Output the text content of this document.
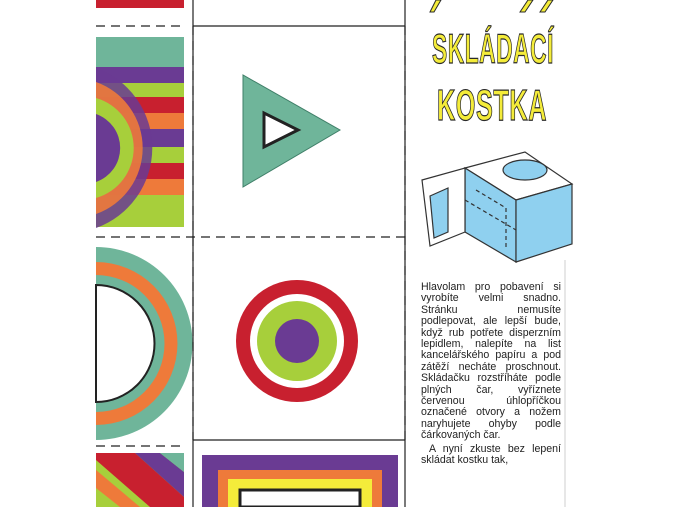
SKLÁDACÍ
KOSTKA

Hlavolam pro pobavení si vyrobíte velmi snadno. Stránku nemusíte podlepovat, ale lepší bude, když rub potřete disperzním lepidlem, nalepíte na list kancelářského papíru a pod zátěží necháte proschnout. Skládačku rozstříháte podle plných čar, vyříznete červenou úhlopříčkou označené otvory a nožem naryhujete ohyby podle čárkovaných čar.

A nyní zkuste bez lepení skládat kostku tak,
